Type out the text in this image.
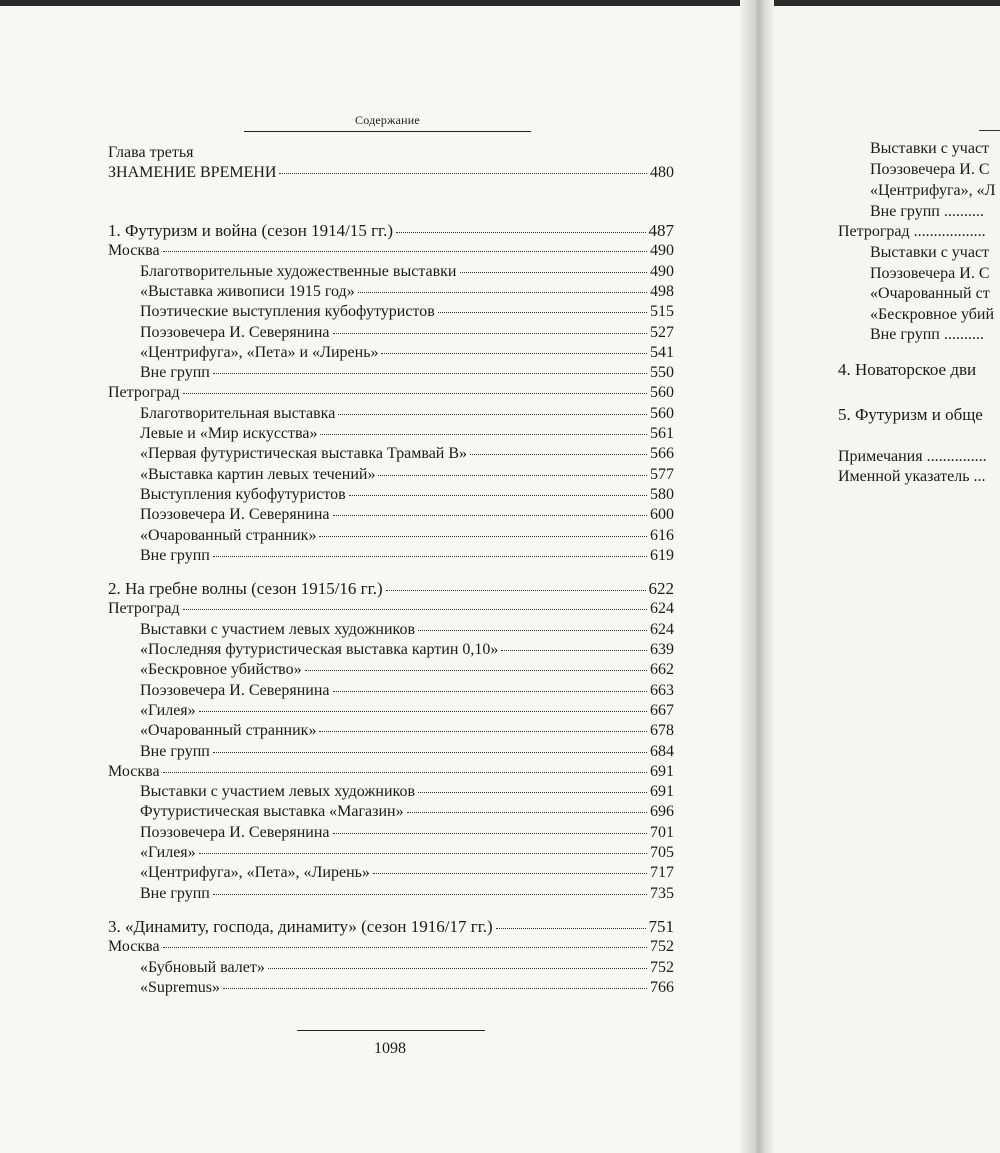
Выставки с участ
Поэзовечера И. С
«Центрифуга», «Л
Вне групп ..........
Петроград ..................
Выставки с участ
Поэзовечера И. С
«Очарованный ст
«Бескровное убий
Вне групп ..........
4. Новаторское дви
5. Футуризм и обще
Примечания ...............
Именной указатель ...
Содержание
Глава третья
ЗНАМЕНИЕ ВРЕМЕНИ	480
1. Футуризм и война (сезон 1914/15 гг.)	487
Москва	490
Благотворительные художественные выставки	490
«Выставка живописи 1915 год»	498
Поэтические выступления кубофутуристов	515
Поэзовечера И. Северянина	527
«Центрифуга», «Пета» и «Лирень»	541
Вне групп	550
Петроград	560
Благотворительная выставка	560
Левые и «Мир искусства»	561
«Первая футуристическая выставка Трамвай В»	566
«Выставка картин левых течений»	577
Выступления кубофутуристов	580
Поэзовечера И. Северянина	600
«Очарованный странник»	616
Вне групп	619
2. На гребне волны (сезон 1915/16 гг.)	622
Петроград	624
Выставки с участием левых художников	624
«Последняя футуристическая выставка картин 0,10»	639
«Бескровное убийство»	662
Поэзовечера И. Северянина	663
«Гилея»	667
«Очарованный странник»	678
Вне групп	684
Москва	691
Выставки с участием левых художников	691
Футуристическая выставка «Магазин»	696
Поэзовечера И. Северянина	701
«Гилея»	705
«Центрифуга», «Пета», «Лирень»	717
Вне групп	735
3. «Динамиту, господа, динамиту» (сезон 1916/17 гг.)	751
Москва	752
«Бубновый валет»	752
«Supremus»	766
1098
